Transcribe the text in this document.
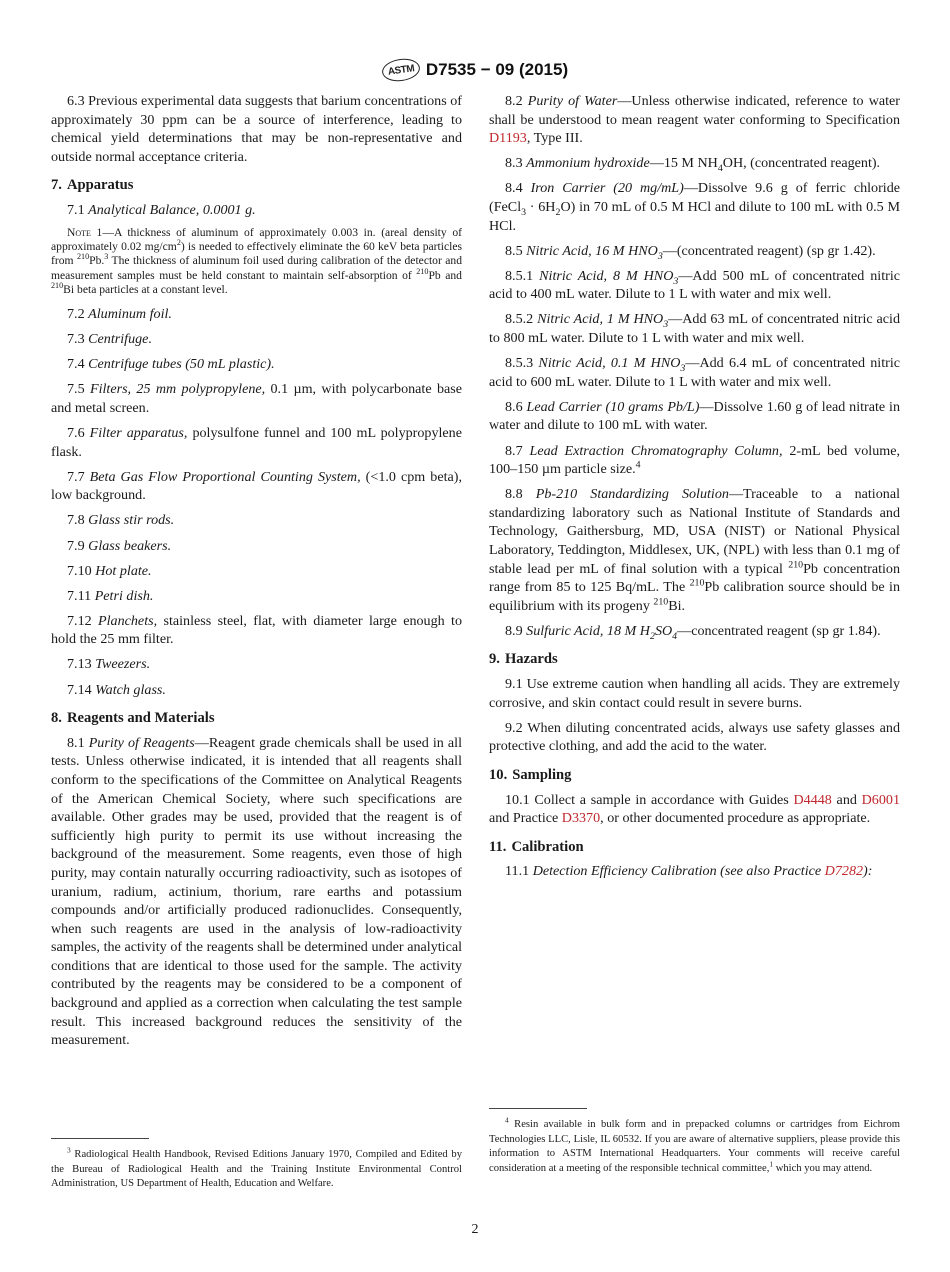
ASTM D7535 − 09 (2015)

6.3 Previous experimental data suggests that barium concentrations of approximately 30 ppm can be a source of interference, leading to chemical yield determinations that may be non-representative and outside normal acceptance criteria.

7. Apparatus

7.1 Analytical Balance, 0.0001 g.

Note 1—A thickness of aluminum of approximately 0.003 in. (areal density of approximately 0.02 $mg/cm^2$) is needed to effectively eliminate the 60 keV beta particles from $^{210}$Pb.$^3$ The thickness of aluminum foil used during calibration of the detector and measurement samples must be held constant to maintain self-absorption of $^{210}$Pb and $^{210}$Bi beta particles at a constant level.

7.2 Aluminum foil.

7.3 Centrifuge.

7.4 Centrifuge tubes (50 mL plastic).

7.5 Filters, 25 mm polypropylene, 0.1 µm, with polycarbonate base and metal screen.

7.6 Filter apparatus, polysulfone funnel and 100 mL polypropylene flask.

7.7 Beta Gas Flow Proportional Counting System, (<1.0 cpm beta), low background.

7.8 Glass stir rods.

7.9 Glass beakers.

7.10 Hot plate.

7.11 Petri dish.

7.12 Planchets, stainless steel, flat, with diameter large enough to hold the 25 mm filter.

7.13 Tweezers.

7.14 Watch glass.

8. Reagents and Materials

8.1 Purity of Reagents—Reagent grade chemicals shall be used in all tests. Unless otherwise indicated, it is intended that all reagents shall conform to the specifications of the Committee on Analytical Reagents of the American Chemical Society, where such specifications are available. Other grades may be used, provided that the reagent is of sufficiently high purity to permit its use without increasing the background of the measurement. Some reagents, even those of high purity, may contain naturally occurring radioactivity, such as isotopes of uranium, radium, actinium, thorium, rare earths and potassium compounds and/or artificially produced radionuclides. Consequently, when such reagents are used in the analysis of low-radioactivity samples, the activity of the reagents shall be determined under analytical conditions that are identical to those used for the sample. The activity contributed by the reagents may be considered to be a component of background and applied as a correction when calculating the test sample result. This increased background reduces the sensitivity of the measurement.

$^3$ Radiological Health Handbook, Revised Editions January 1970, Compiled and Edited by the Bureau of Radiological Health and the Training Institute Environmental Control Administration, US Department of Health, Education and Welfare.

8.2 Purity of Water—Unless otherwise indicated, reference to water shall be understood to mean reagent water conforming to Specification D1193, Type III.

8.3 Ammonium hydroxide—15 M $NH_4OH$, (concentrated reagent).

8.4 Iron Carrier (20 mg/mL)—Dissolve 9.6 g of ferric chloride (FeCl$_3$ · $6H_2O$) in 70 mL of 0.5 M HCl and dilute to 100 mL with 0.5 M HCl.

8.5 Nitric Acid, 16 M $HNO_3—(concentrated$ reagent) (sp gr 1.42).

8.5.1 Nitric Acid, 8 M $HNO_3—Add$ 500 mL of concentrated nitric acid to 400 mL water. Dilute to 1 L with water and mix well.

8.5.2 Nitric Acid, 1 M $HNO_3—Add$ 63 mL of concentrated nitric acid to 800 mL water. Dilute to 1 L with water and mix well.

8.5.3 Nitric Acid, 0.1 M $HNO_3—Add$ 6.4 mL of concentrated nitric acid to 600 mL water. Dilute to 1 L with water and mix well.

8.6 Lead Carrier (10 grams Pb/L)—Dissolve 1.60 g of lead nitrate in water and dilute to 100 mL with water.

8.7 Lead Extraction Chromatography Column, 2-mL bed volume, 100–150 µm particle size.$^4$

8.8 Pb-210 Standardizing Solution—Traceable to a national standardizing laboratory such as National Institute of Standards and Technology, Gaithersburg, MD, USA (NIST) or National Physical Laboratory, Teddington, Middlesex, UK, (NPL) with less than 0.1 mg of stable lead per mL of final solution with a typical $^{210}$Pb concentration range from 85 to 125 Bq/mL. The $^{210}$Pb calibration source should be in equilibrium with its progeny $^{210}$Bi.

8.9 Sulfuric Acid, 18 M $H_2SO_4—concentrated$ reagent (sp gr 1.84).

9. Hazards

9.1 Use extreme caution when handling all acids. They are extremely corrosive, and skin contact could result in severe burns.

9.2 When diluting concentrated acids, always use safety glasses and protective clothing, and add the acid to the water.

10. Sampling

10.1 Collect a sample in accordance with Guides D4448 and D6001 and Practice D3370, or other documented procedure as appropriate.

11. Calibration

11.1 Detection Efficiency Calibration (see also Practice D7282):

$^4$ Resin available in bulk form and in prepacked columns or cartridges from Eichrom Technologies LLC, Lisle, IL 60532. If you are aware of alternative suppliers, please provide this information to ASTM International Headquarters. Your comments will receive careful consideration at a meeting of the responsible technical committee,$^1$ which you may attend.
2
